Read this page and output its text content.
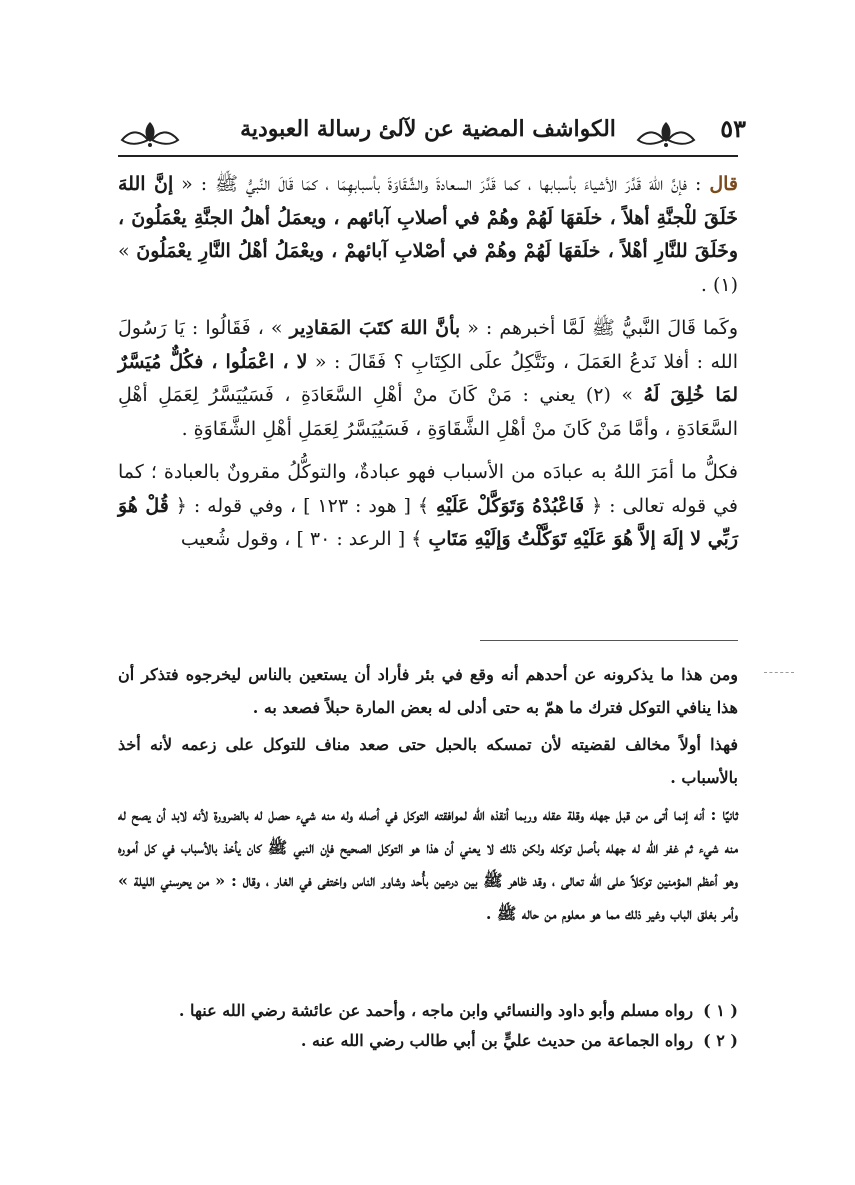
٥٣
الكواشف المضية عن لآلئ رسالة العبودية

قال : فإنَّ اللهَ قَدَّرَ الأشياءَ بأسبابها ، كما قَدَّرَ السعادةَ والشَّقَاوَةَ بأسبابهِمَا ، كمَا قَالَ النَّبيُّ ﷺ : « إنَّ اللهَ خَلَقَ للْجنَّةِ أهلاً ، خلَقهَا لَهُمْ وهُمْ في أصلابِ آبائهم ، ويعمَلُ أهلُ الجنَّةِ يعْمَلُونَ ، وخَلَقَ للنَّارِ أهْلاً ، خلَقهَا لَهُمْ وهُمْ في أصْلابِ آبائهمْ ، ويعْمَلُ أهْلُ النَّارِ يعْمَلُونَ » (١) .

وكَما قَالَ النَّبيُّ ﷺ لَمَّا أخبرهم : « بأنَّ اللهَ كتَبَ المَقادِير » ، فَقَالُوا : يَا رَسُولَ الله : أفلا نَدعُ العَمَلَ ، ونَتَّكِلُ علَى الكِتَابِ ؟ فَقَالَ : « لا ، اعْمَلُوا ، فكُلٌّ مُيَسَّرٌ لمَا خُلِقَ لَهُ » (٢) يعني : مَنْ كَانَ منْ أهْلِ السَّعَادَةِ ، فَسَيُيَسَّرُ لِعَمَلِ أهْلِ السَّعَادَةِ ، وأمَّا مَنْ كَانَ منْ أهْلِ الشَّقَاوَةِ ، فَسَيُيَسَّرُ لِعَمَلِ أهْلِ الشَّقَاوَةِ .

فكلُّ ما أمَرَ اللهُ به عبادَه من الأسباب فهو عبادةٌ، والتوكُّلُ مقرونٌ بالعبادة ؛ كما في قوله تعالى : ﴿ فَاعْبُدْهُ وَتَوَكَّلْ عَلَيْهِ ﴾ [ هود : ١٢٣ ] ، وفي قوله : ﴿ قُلْ هُوَ رَبِّي لا إلَهَ إلاَّ هُوَ عَلَيْهِ تَوَكَّلْتُ وَإلَيْهِ مَتَابِ ﴾ [ الرعد : ٣٠ ] ، وقول شُعيب

ومن هذا ما يذكرونه عن أحدهم أنه وقع في بئر فأراد أن يستعين بالناس ليخرجوه فتذكر أن هذا ينافي التوكل فترك ما همّ به حتى أدلى له بعض المارة حبلاً فصعد به .

فهذا أولاً مخالف لقضيته لأن تمسكه بالحبل حتى صعد مناف للتوكل على زعمه لأنه أخذ بالأسباب .

ثانيًا : أنه إنما أتى من قبل جهله وقلة عقله وربما أنقذه الله لموافقته التوكل في أصله وله منه شيء حصل له بالضرورة لأنه لابد أن يصح له منه شيء ثم غفر الله له جهله بأصل توكله ولكن ذلك لا يعني أن هذا هو التوكل الصحيح فإن النبي ﷺ كان يأخذ بالأسباب في كل أموره وهو أعظم المؤمنين توكلاً على الله تعالى ، وقد ظاهر ﷺ بين درعين بأُحد وشاور الناس واختفى في الغار ، وقال : « من يحرسني الليلة » وأمر بغلق الباب وغير ذلك مما هو معلوم من حاله ﷺ .

( ١ )
رواه مسلم وأبو داود والنسائي وابن ماجه ، وأحمد عن عائشة رضي الله عنها .
( ٢ )
رواه الجماعة من حديث عليٍّ بن أبي طالب رضي الله عنه .
